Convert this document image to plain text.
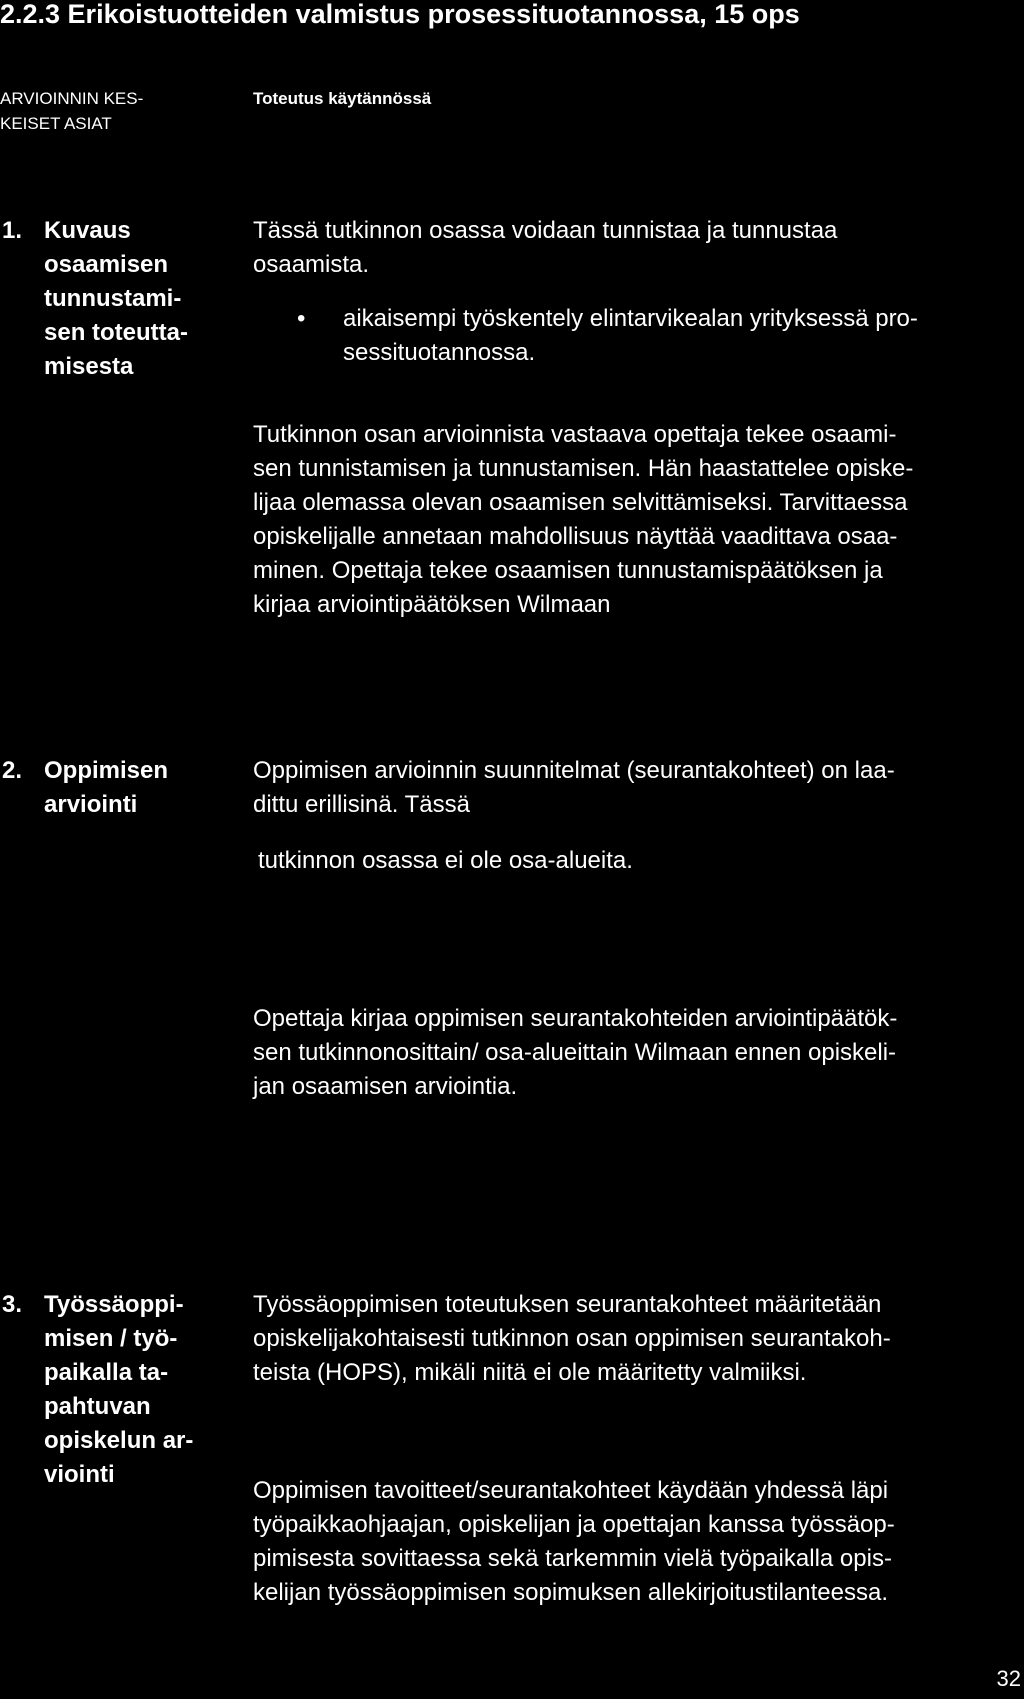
2.2.3 Erikoistuotteiden valmistus prosessituotannossa, 15 ops
ARVIOINNIN KES-
KEISET ASIAT
Toteutus käytännössä
1. Kuvaus
osaamisen
tunnustami-
sen toteutta-
misesta
Tässä tutkinnon osassa voidaan tunnistaa ja tunnustaa
osaamista.
•	aikaisempi työskentely elintarvikealan yrityksessä pro-
sessituotannossa.
Tutkinnon osan arvioinnista vastaava opettaja tekee osaami-
sen tunnistamisen ja tunnustamisen. Hän haastattelee opiske-
lijaa olemassa olevan osaamisen selvittämiseksi. Tarvittaessa
opiskelijalle annetaan mahdollisuus näyttää vaadittava osaa-
minen. Opettaja tekee osaamisen tunnustamispäätöksen ja
kirjaa arviointipäätöksen Wilmaan
2. Oppimisen
arviointi
Oppimisen arvioinnin suunnitelmat (seurantakohteet) on laa-
dittu erillisinä. Tässä
tutkinnon osassa ei ole osa-alueita.
Opettaja kirjaa oppimisen seurantakohteiden arviointipäätök-
sen tutkinnonosittain/ osa-alueittain Wilmaan ennen opiskeli-
jan osaamisen arviointia.
3. Työssäoppi-
misen / työ-
paikalla ta-
pahtuvan
opiskelun ar-
viointi
Työssäoppimisen toteutuksen seurantakohteet määritetään
opiskelijakohtaisesti tutkinnon osan oppimisen seurantakoh-
teista (HOPS), mikäli niitä ei ole määritetty valmiiksi.
Oppimisen tavoitteet/seurantakohteet käydään yhdessä läpi
työpaikkaohjaajan, opiskelijan ja opettajan kanssa työssäop-
pimisesta sovittaessa sekä tarkemmin vielä työpaikalla opis-
kelijan työssäoppimisen sopimuksen allekirjoitustilanteessa.
32
